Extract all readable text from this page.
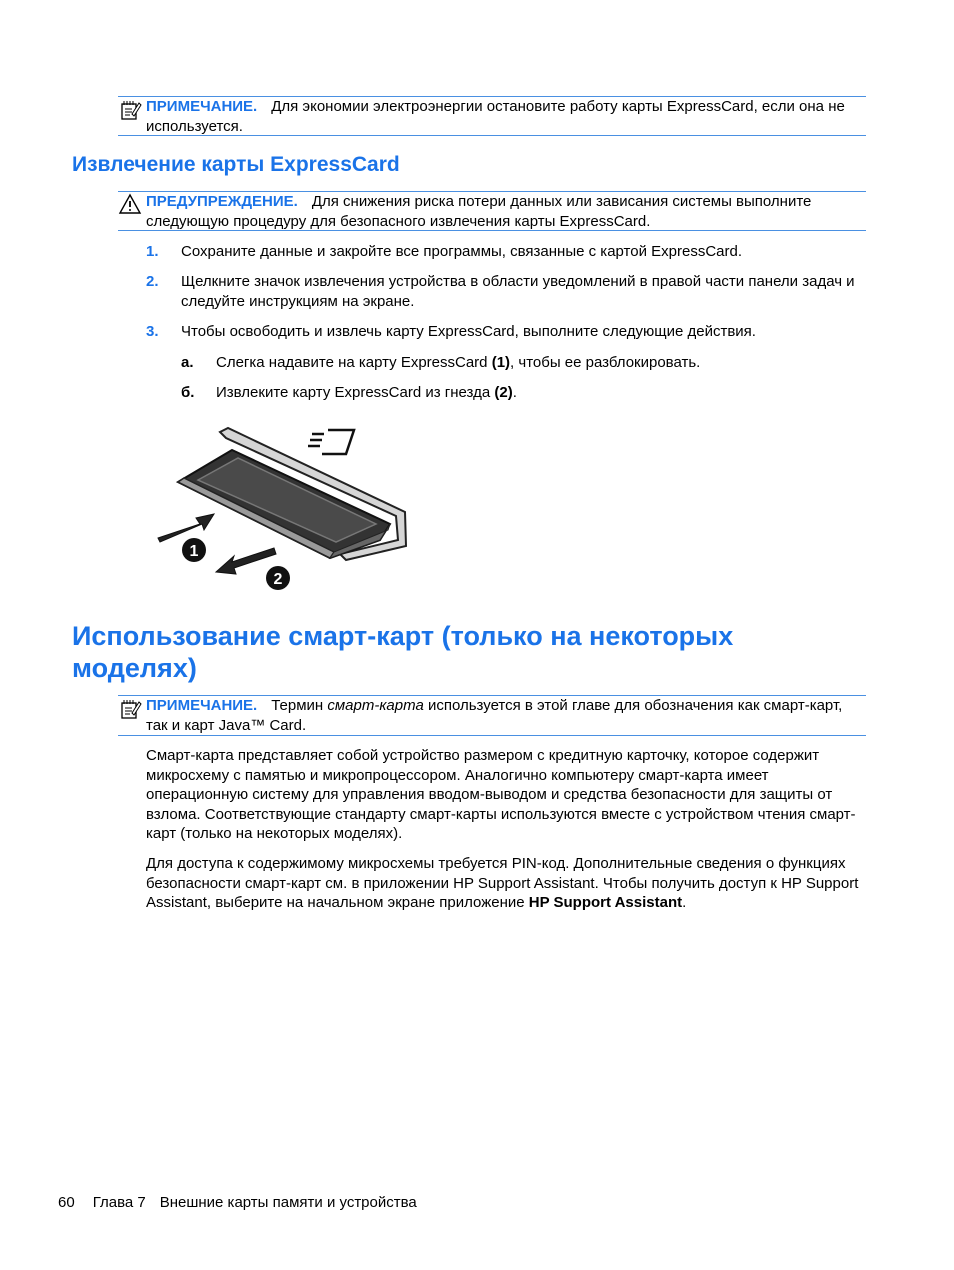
ПРИМЕЧАНИЕ. Для экономии электроэнергии остановите работу карты ExpressCard, если она не используется.
Извлечение карты ExpressCard
ПРЕДУПРЕЖДЕНИЕ. Для снижения риска потери данных или зависания системы выполните следующую процедуру для безопасного извлечения карты ExpressCard.
1. Сохраните данные и закройте все программы, связанные с картой ExpressCard.
2. Щелкните значок извлечения устройства в области уведомлений в правой части панели задач и следуйте инструкциям на экране.
3. Чтобы освободить и извлечь карту ExpressCard, выполните следующие действия.
а. Слегка надавите на карту ExpressCard (1), чтобы ее разблокировать.
б. Извлеките карту ExpressCard из гнезда (2).
1
2
Использование смарт-карт (только на некоторых
моделях)
ПРИМЕЧАНИЕ. Термин смарт-карта используется в этой главе для обозначения как смарт-карт, так и карт Java™ Card.
Смарт-карта представляет собой устройство размером с кредитную карточку, которое содержит микросхему с памятью и микропроцессором. Аналогично компьютеру смарт-карта имеет операционную систему для управления вводом-выводом и средства безопасности для защиты от взлома. Соответствующие стандарту смарт-карты используются вместе с устройством чтения смарт-карт (только на некоторых моделях).
Для доступа к содержимому микросхемы требуется PIN-код. Дополнительные сведения о функциях безопасности смарт-карт см. в приложении HP Support Assistant. Чтобы получить доступ к HP Support Assistant, выберите на начальном экране приложение HP Support Assistant.
60 Глава 7 Внешние карты памяти и устройства
